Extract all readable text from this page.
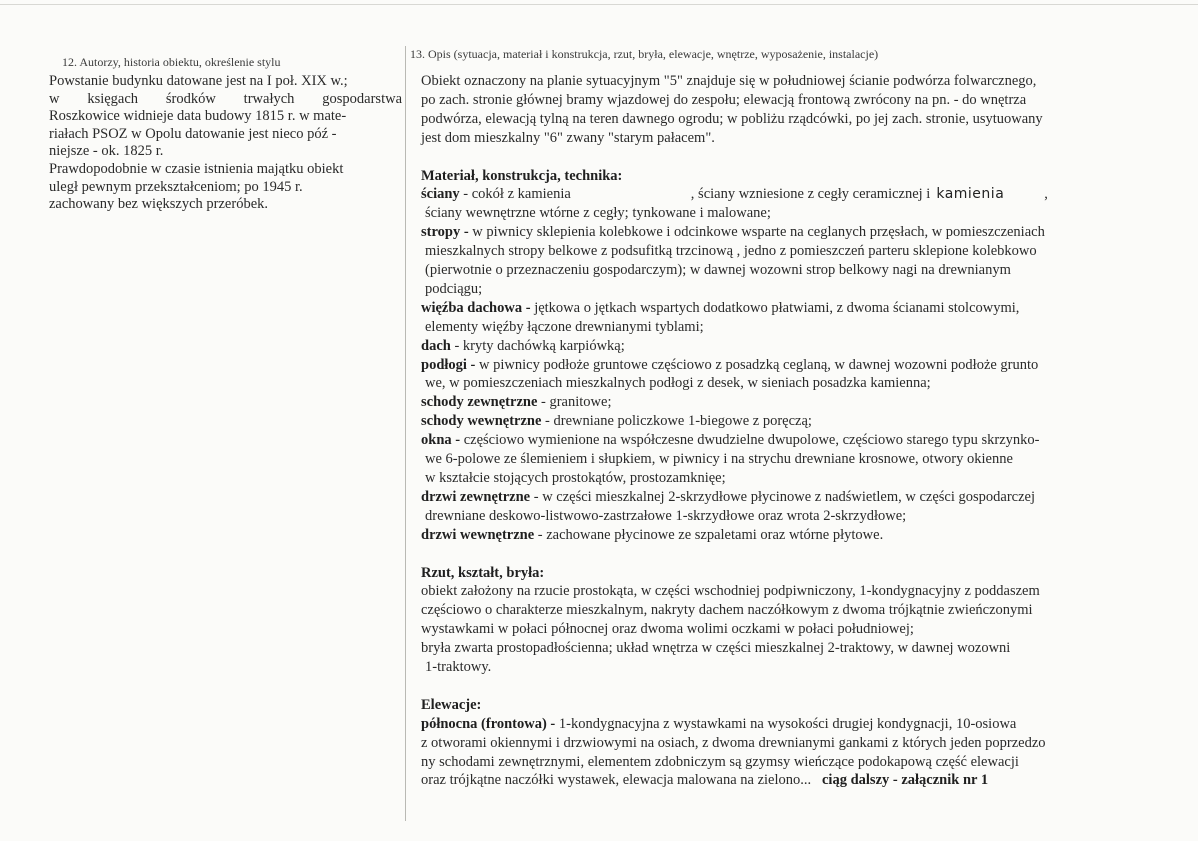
12. Autorzy, historia obiektu, określenie stylu
Powstanie budynku datowane jest na I poł. XIX w.;
w księgach środków trwałych gospodarstwa
Roszkowice widnieje data budowy 1815 r. w mate-
riałach PSOZ w Opolu datowanie jest nieco póź -
niejsze - ok. 1825 r.
Prawdopodobnie w czasie istnienia majątku obiekt
uległ pewnym przekształceniom; po 1945 r.
zachowany bez większych przeróbek.
13. Opis (sytuacja, materiał i konstrukcja, rzut, bryła, elewacje, wnętrze, wyposażenie, instalacje)
Obiekt oznaczony na planie sytuacyjnym "5" znajduje się w południowej ścianie podwórza folwarcznego,
po zach. stronie głównej bramy wjazdowej do zespołu; elewacją frontową zwrócony na pn. - do wnętrza
podwórza, elewacją tylną na teren dawnego ogrodu; w pobliżu rządcówki, po jej zach. stronie, usytuowany
jest dom mieszkalny "6" zwany "starym pałacem".
Materiał, konstrukcja, technika:
ściany - cokół z kamienia	, ściany wzniesione z cegły ceramicznej i kamienia	,
ściany wewnętrzne wtórne z cegły; tynkowane i malowane;
stropy - w piwnicy sklepienia kolebkowe i odcinkowe wsparte na ceglanych przęsłach, w pomieszczeniach
mieszkalnych stropy belkowe z podsufitką trzcinową , jedno z pomieszczeń parteru sklepione kolebkowo
(pierwotnie o przeznaczeniu gospodarczym); w dawnej wozowni strop belkowy nagi na drewnianym
podciągu;
więźba dachowa - jętkowa o jętkach wspartych dodatkowo płatwiami, z dwoma ścianami stolcowymi,
elementy więźby łączone drewnianymi tyblami;
dach - kryty dachówką karpiówką;
podłogi - w piwnicy podłoże gruntowe częściowo z posadzką ceglaną, w dawnej wozowni podłoże grunto
we, w pomieszczeniach mieszkalnych podłogi z desek, w sieniach posadzka kamienna;
schody zewnętrzne - granitowe;
schody wewnętrzne - drewniane policzkowe 1-biegowe z poręczą;
okna - częściowo wymienione na współczesne dwudzielne dwupolowe, częściowo starego typu skrzynko-
we 6-polowe ze ślemieniem i słupkiem, w piwnicy i na strychu drewniane krosnowe, otwory okienne
w kształcie stojących prostokątów, prostozamknięe;
drzwi zewnętrzne - w części mieszkalnej 2-skrzydłowe płycinowe z nadświetlem, w części gospodarczej
drewniane deskowo-listwowo-zastrzałowe 1-skrzydłowe oraz wrota 2-skrzydłowe;
drzwi wewnętrzne - zachowane płycinowe ze szpaletami oraz wtórne płytowe.
Rzut, kształt, bryła:
obiekt założony na rzucie prostokąta, w części wschodniej podpiwniczony, 1-kondygnacyjny z poddaszem
częściowo o charakterze mieszkalnym, nakryty dachem naczółkowym z dwoma trójkątnie zwieńczonymi
wystawkami w połaci północnej oraz dwoma wolimi oczkami w połaci południowej;
bryła zwarta prostopadłościenna; układ wnętrza w części mieszkalnej 2-traktowy, w dawnej wozowni
1-traktowy.
Elewacje:
północna (frontowa) - 1-kondygnacyjna z wystawkami na wysokości drugiej kondygnacji, 10-osiowa
z otworami okiennymi i drzwiowymi na osiach, z dwoma drewnianymi gankami z których jeden poprzedzo
ny schodami zewnętrznymi, elementem zdobniczym są gzymsy wieńczące podokapową część elewacji
oraz trójkątne naczółki wystawek, elewacja malowana na zielono... ciąg dalszy - załącznik nr 1
